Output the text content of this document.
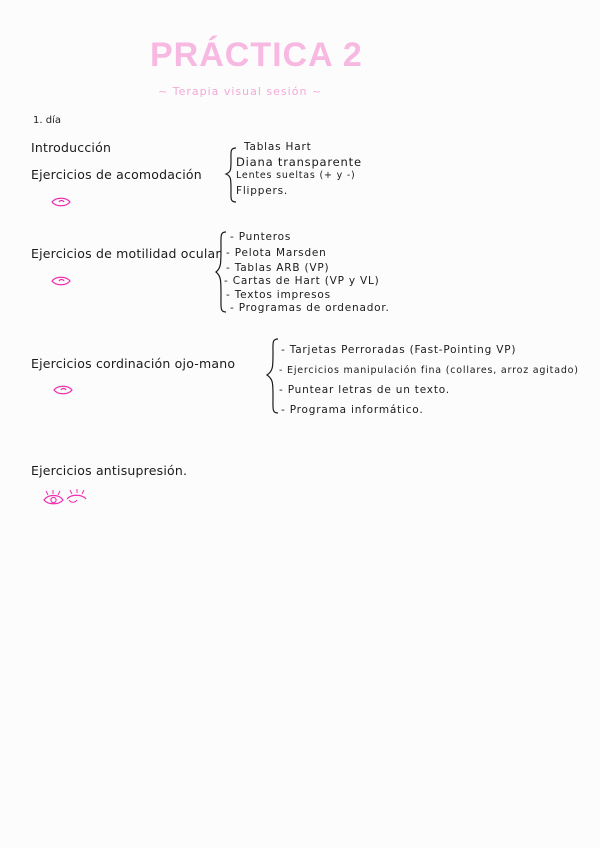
PRÁCTICA 2
~ Terapia visual sesión ~
1. día
Introducción
Ejercicios de acomodación
Tablas Hart
Diana transparente
Lentes sueltas (+ y -)
Flippers.
Ejercicios de motilidad ocular
- Punteros
- Pelota Marsden
- Tablas ARB (VP)
- Cartas de Hart (VP y VL)
- Textos impresos
- Programas de ordenador.
Ejercicios cordinación ojo-mano
- Tarjetas Perroradas (Fast-Pointing VP)
- Ejercicios manipulación fina (collares, arroz agitado)
- Puntear letras de un texto.
- Programa informático.
Ejercicios antisupresión.
